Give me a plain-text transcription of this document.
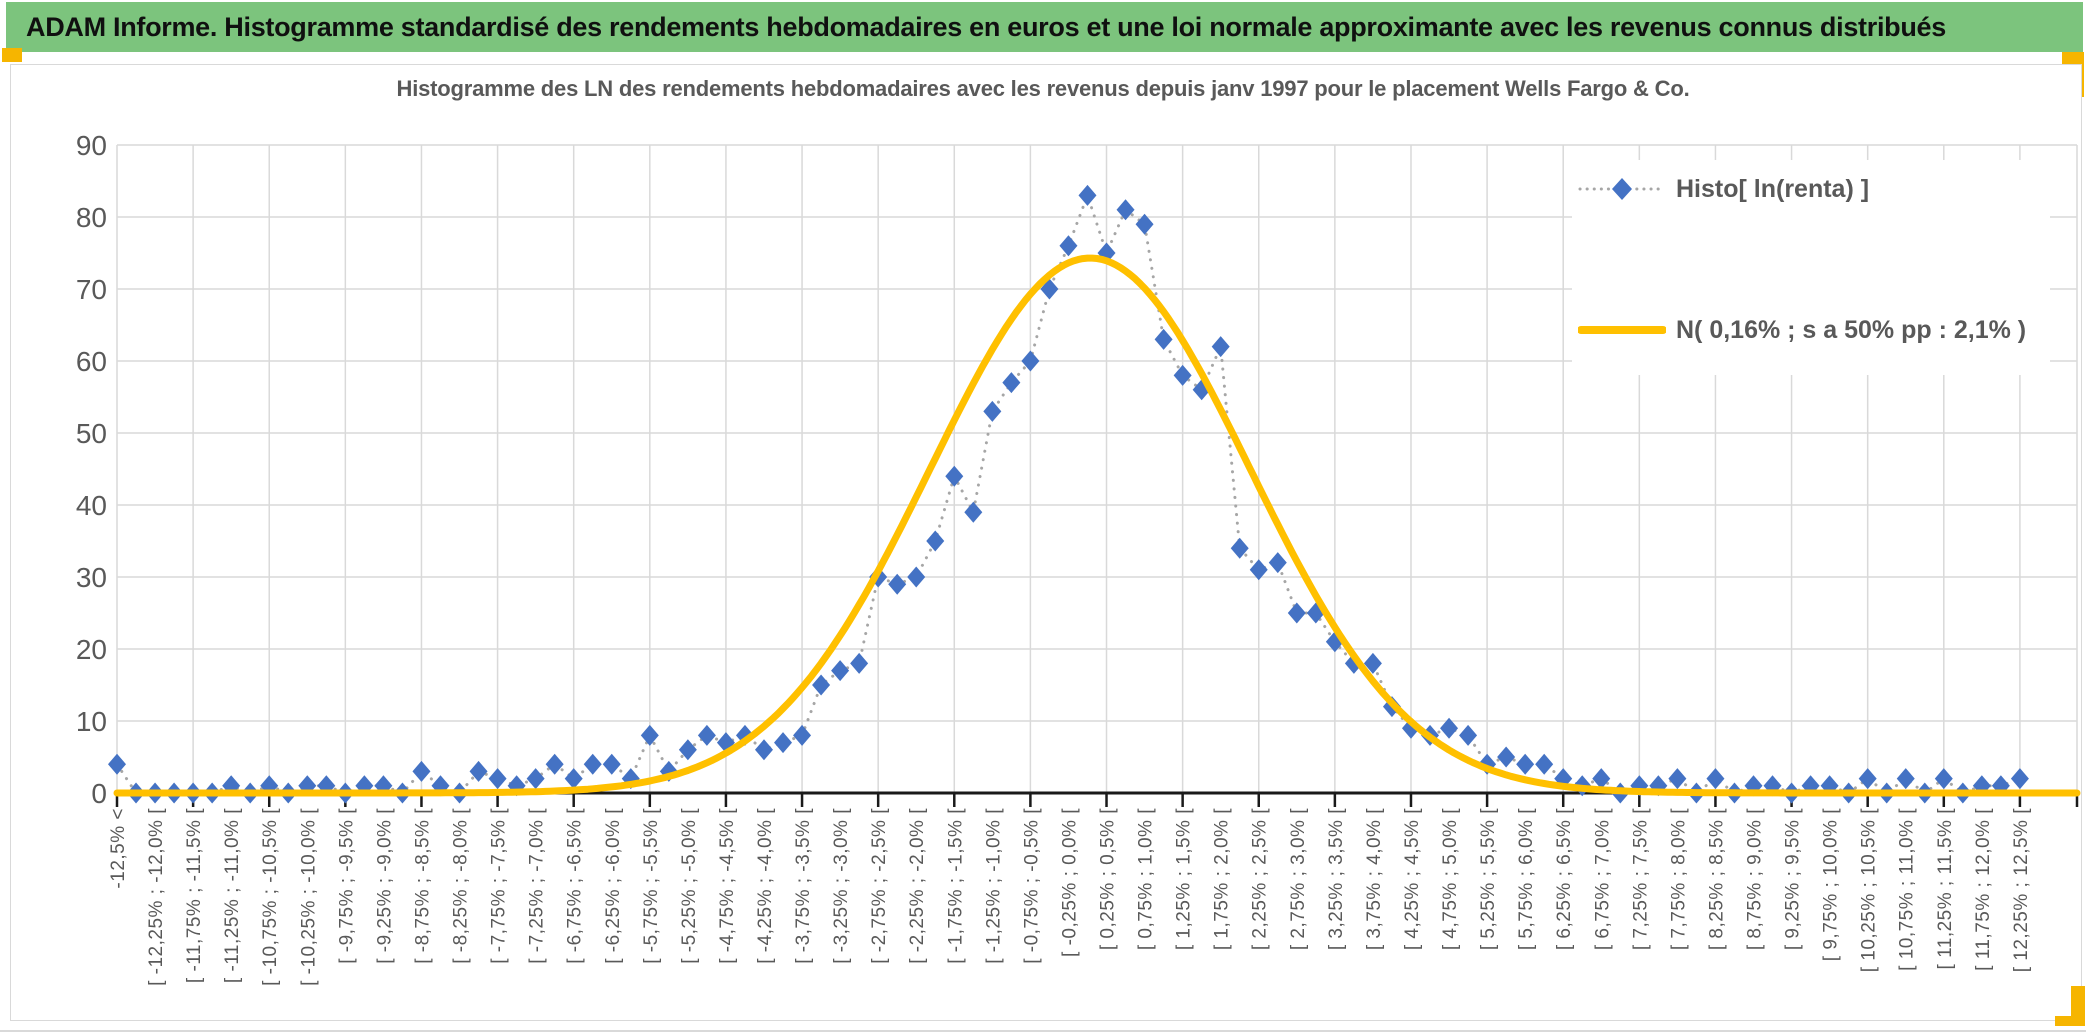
ADAM Informe. Histogramme standardisé des rendements hebdomadaires en euros et une loi normale approximante avec les revenus connus distribués
Histogramme des LN des rendements hebdomadaires avec les revenus depuis janv 1997 pour le placement Wells Fargo & Co.
0
10
20
30
40
50
60
70
80
90
-12,5% < [ -12,25% ; -12,0% [ [ -11,75% ; -11,5% [ [ -11,25% ; -11,0% [ [ -10,75% ; -10,5% [ [ -10,25% ; -10,0% [ [ -9,75% ; -9,5% [ [ -9,25% ; -9,0% [ [ -8,75% ; -8,5% [ [ -8,25% ; -8,0% [ [ -7,75% ; -7,5% [ [ -7,25% ; -7,0% [ [ -6,75% ; -6,5% [ [ -6,25% ; -6,0% [ [ -5,75% ; -5,5% [ [ -5,25% ; -5,0% [ [ -4,75% ; -4,5% [ [ -4,25% ; -4,0% [ [ -3,75% ; -3,5% [ [ -3,25% ; -3,0% [ [ -2,75% ; -2,5% [ [ -2,25% ; -2,0% [ [ -1,75% ; -1,5% [ [ -1,25% ; -1,0% [ [ -0,75% ; -0,5% [ [ -0,25% ; 0,0% [ [ 0,25% ; 0,5% [ [ 0,75% ; 1,0% [ [ 1,25% ; 1,5% [ [ 1,75% ; 2,0% [ [ 2,25% ; 2,5% [ [ 2,75% ; 3,0% [ [ 3,25% ; 3,5% [ [ 3,75% ; 4,0% [ [ 4,25% ; 4,5% [ [ 4,75% ; 5,0% [ [ 5,25% ; 5,5% [ [ 5,75% ; 6,0% [ [ 6,25% ; 6,5% [ [ 6,75% ; 7,0% [ [ 7,25% ; 7,5% [ [ 7,75% ; 8,0% [ [ 8,25% ; 8,5% [ [ 8,75% ; 9,0% [ [ 9,25% ; 9,5% [ [ 9,75% ; 10,0% [ [ 10,25% ; 10,5% [ [ 10,75% ; 11,0% [ [ 11,25% ; 11,5% [ [ 11,75% ; 12,0% [ [ 12,25% ; 12,5% [
Histo[ ln(renta) ]
N( 0,16% ; s a 50% pp : 2,1% )
